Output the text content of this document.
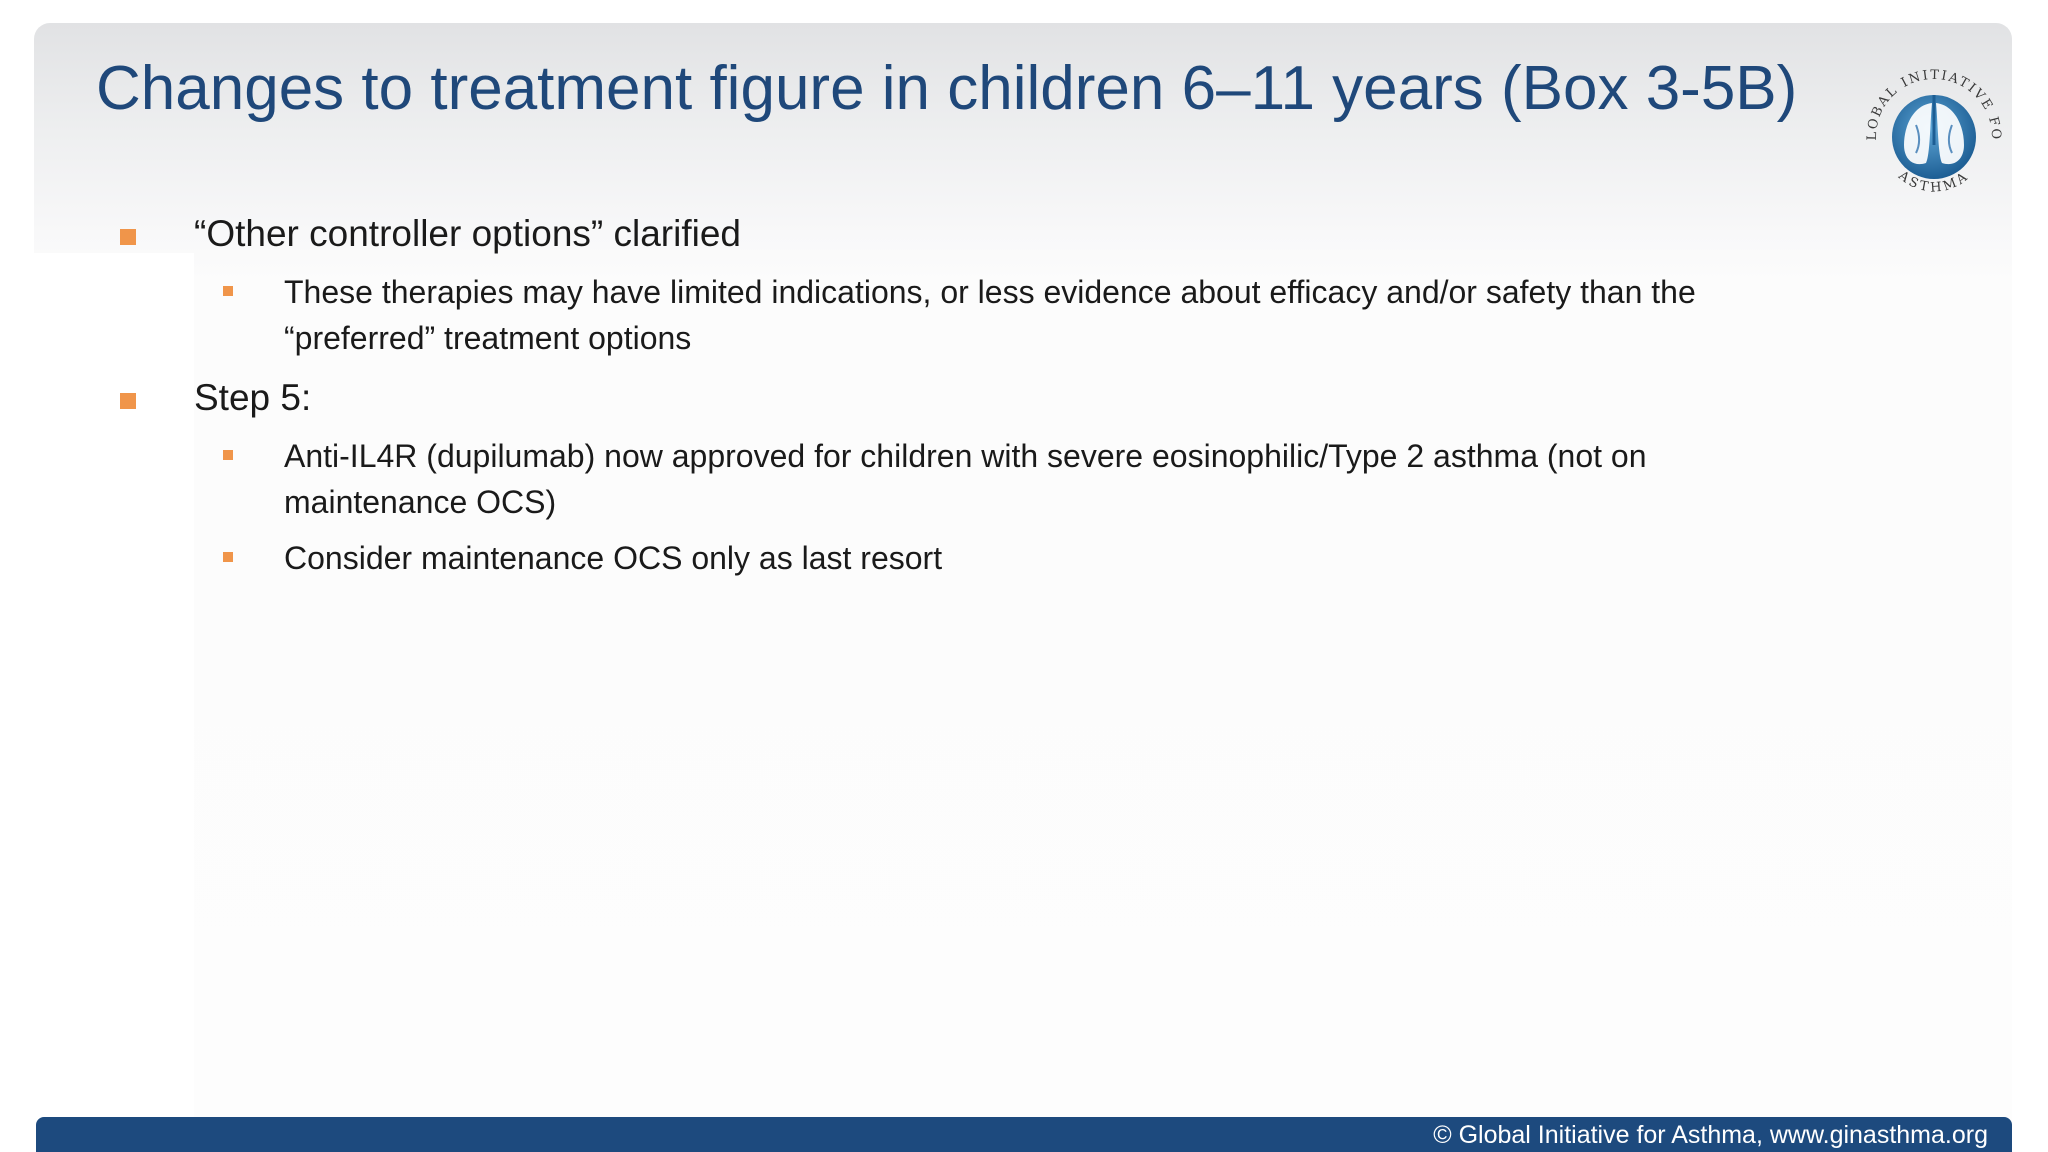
Changes to treatment figure in children 6–11 years (Box 3-5B)
LOBAL INITIATIVE FO
ASTHMA
“Other controller options” clarified
These therapies may have limited indications, or less evidence about efficacy and/or safety than the “preferred” treatment options
Step 5:
Anti-IL4R (dupilumab) now approved for children with severe eosinophilic/Type 2 asthma (not on maintenance OCS)
Consider maintenance OCS only as last resort
© Global Initiative for Asthma, www.ginasthma.org
